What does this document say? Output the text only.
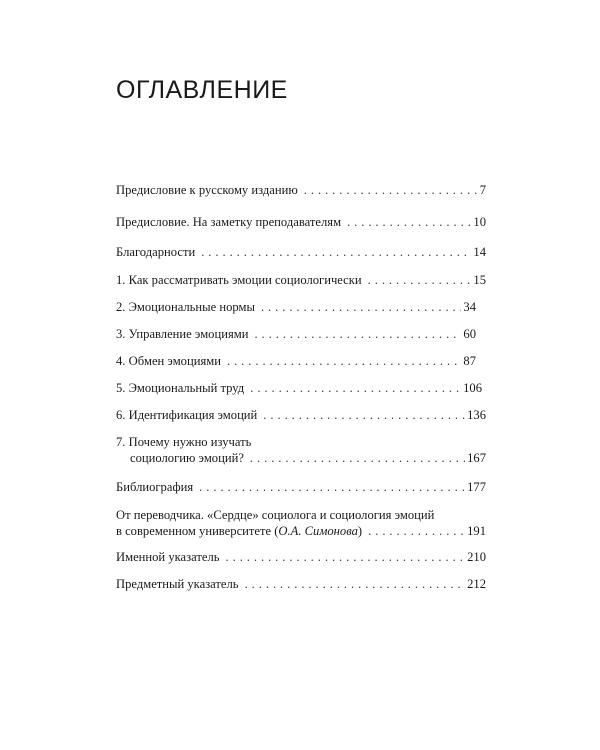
ОГЛАВЛЕНИЕ
Предисловие к русскому изданию . . .	7
Предисловие. На заметку преподавателям . . .	10
Благодарности . . .	14
1. Как рассматривать эмоции социологически . . .	15
2. Эмоциональные нормы . . .	34
3. Управление эмоциями . . .	60
4. Обмен эмоциями . . .	87
5. Эмоциональный труд . . .	106
6. Идентификация эмоций . . .	136
7. Почему нужно изучать
социологию эмоций? . . .	167
Библиография . . .	177
От переводчика. «Сердце» социолога и социология эмоций
в современном университете (О.А. Симонова) . . .	191
Именной указатель . . .	210
Предметный указатель . . .	212
